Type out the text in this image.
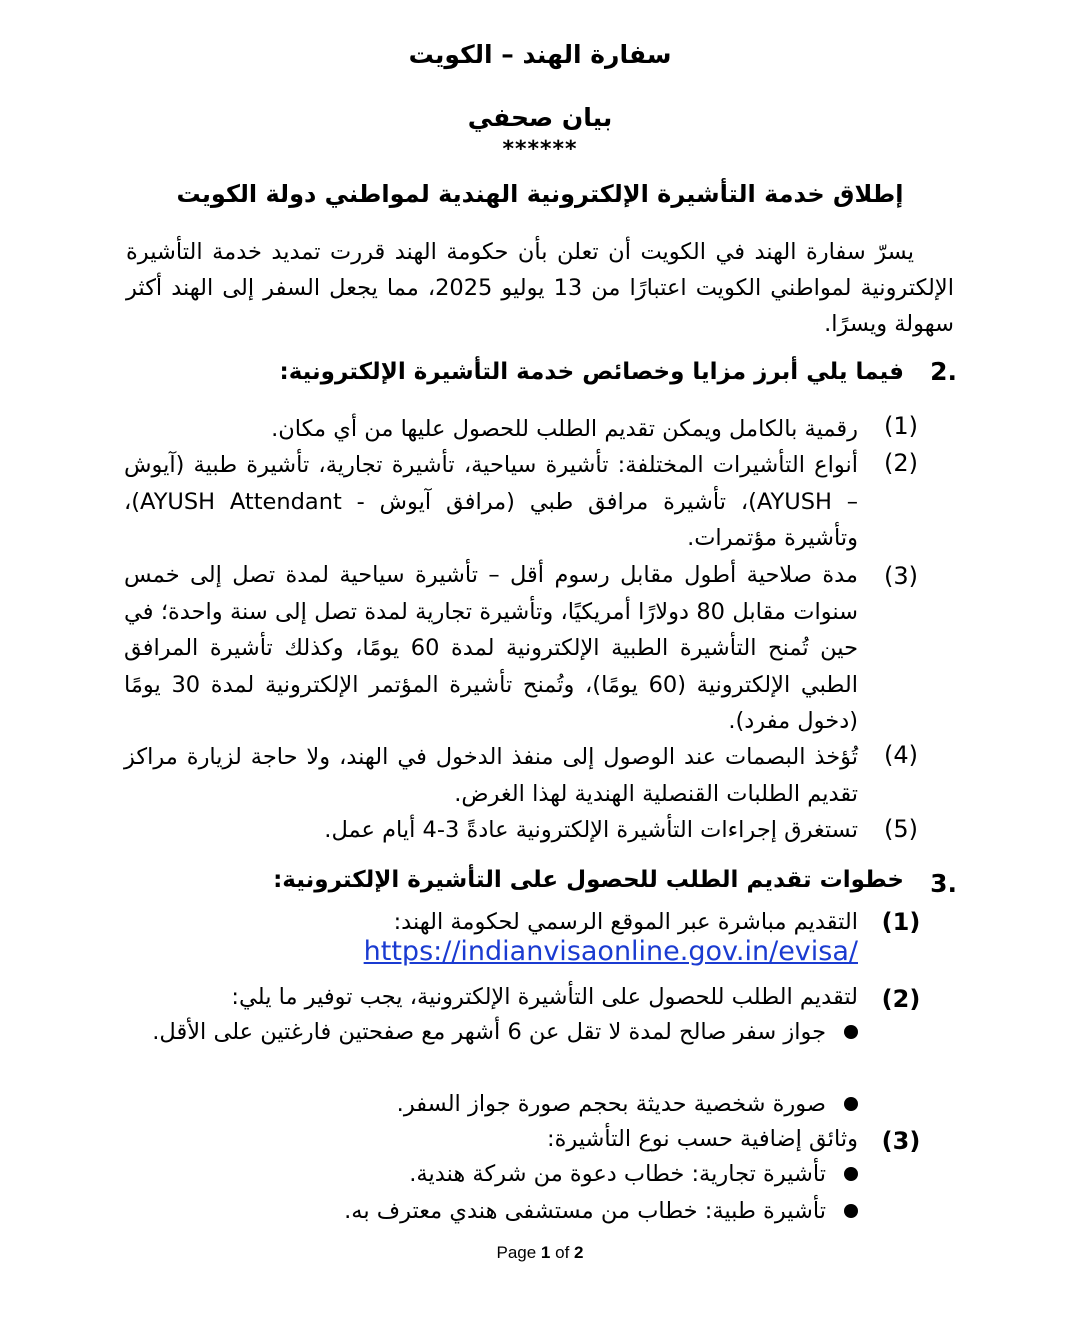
سفارة الهند – الكويت
بيان صحفي
******
إطلاق خدمة التأشيرة الإلكترونية الهندية لمواطني دولة الكويت
يسرّ سفارة الهند في الكويت أن تعلن بأن حكومة الهند قررت تمديد خدمة التأشيرة الإلكترونية لمواطني الكويت اعتبارًا من 13 يوليو 2025، مما يجعل السفر إلى الهند أكثر سهولة ويسرًا.
2.
فيما يلي أبرز مزايا وخصائص خدمة التأشيرة الإلكترونية:
(1)
رقمية بالكامل ويمكن تقديم الطلب للحصول عليها من أي مكان.
(2)
أنواع التأشيرات المختلفة: تأشيرة سياحية، تأشيرة تجارية، تأشيرة طبية (آيوش – AYUSH)، تأشيرة مرافق طبي (مرافق آيوش - AYUSH Attendant)، وتأشيرة مؤتمرات.
(3)
مدة صلاحية أطول مقابل رسوم أقل – تأشيرة سياحية لمدة تصل إلى خمس سنوات مقابل 80 دولارًا أمريكيًا، وتأشيرة تجارية لمدة تصل إلى سنة واحدة؛ في حين تُمنح التأشيرة الطبية الإلكترونية لمدة 60 يومًا، وكذلك تأشيرة المرافق الطبي الإلكترونية (60 يومًا)، وتُمنح تأشيرة المؤتمر الإلكترونية لمدة 30 يومًا (دخول مفرد).
(4)
تُؤخذ البصمات عند الوصول إلى منفذ الدخول في الهند، ولا حاجة لزيارة مراكز تقديم الطلبات القنصلية الهندية لهذا الغرض.
(5)
تستغرق إجراءات التأشيرة الإلكترونية عادةً 3-4 أيام عمل.
3.
خطوات تقديم الطلب للحصول على التأشيرة الإلكترونية:
(1)
التقديم مباشرة عبر الموقع الرسمي لحكومة الهند:
https://indianvisaonline.gov.in/evisa/
(2)
لتقديم الطلب للحصول على التأشيرة الإلكترونية، يجب توفير ما يلي:
جواز سفر صالح لمدة لا تقل عن 6 أشهر مع صفحتين فارغتين على الأقل.
صورة شخصية حديثة بحجم صورة جواز السفر.
(3)
وثائق إضافية حسب نوع التأشيرة:
تأشيرة تجارية: خطاب دعوة من شركة هندية.
تأشيرة طبية: خطاب من مستشفى هندي معترف به.
Page 1 of 2
